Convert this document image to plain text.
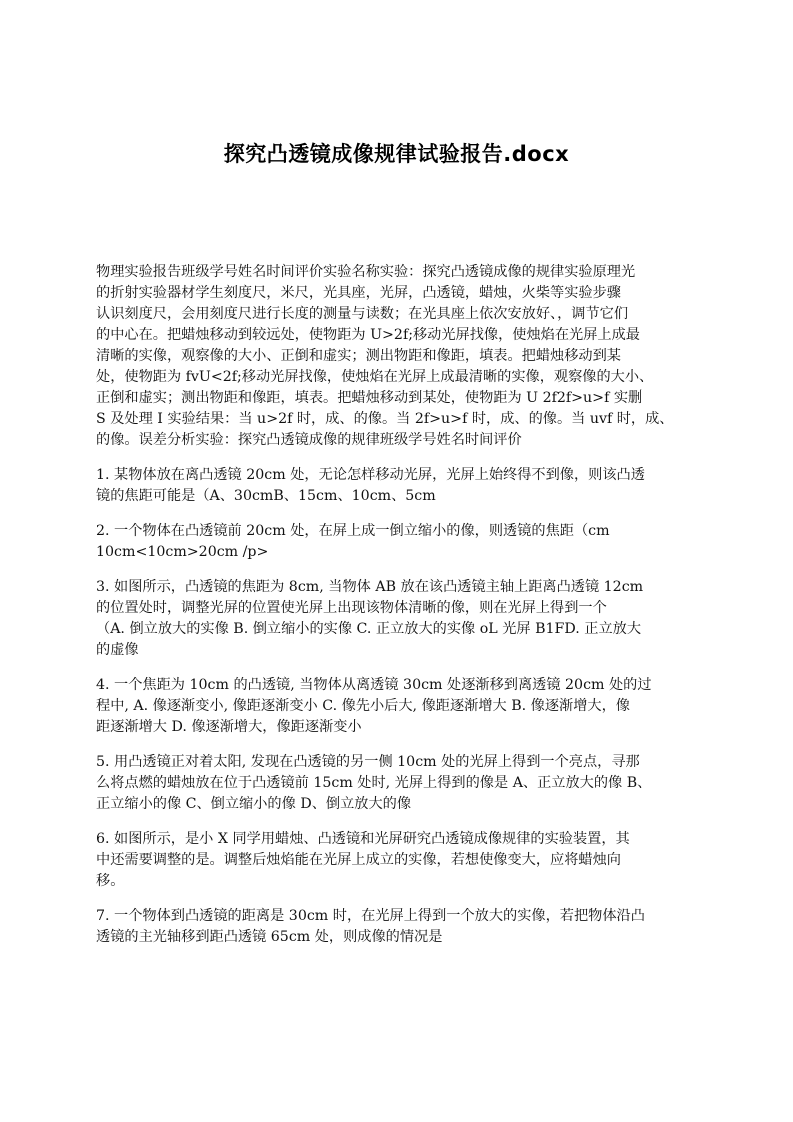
探究凸透镜成像规律试验报告.docx

物理实验报告班级学号姓名时间评价实验名称实验：探究凸透镜成像的规律实验原理光
的折射实验器材学生刻度尺，米尺，光具座，光屏，凸透镜，蜡烛，火柴等实验步骤
认识刻度尺，会用刻度尺进行长度的测量与读数；在光具座上依次安放好、，调节它们
的中心在。把蜡烛移动到较远处，使物距为 U>2f;移动光屏找像，使烛焰在光屏上成最
清晰的实像，观察像的大小、正倒和虚实；测出物距和像距，填表。把蜡烛移动到某
处，使物距为 fvU<2f;移动光屏找像，使烛焰在光屏上成最清晰的实像，观察像的大小、
正倒和虚实；测出物距和像距，填表。把蜡烛移动到某处，使物距为 U 2f2f>u>f 实删
S 及处理 I 实验结果：当 u>2f 时，成、的像。当 2f>u>f 时，成、的像。当 uvf 时，成、
的像。误差分析实验：探究凸透镜成像的规律班级学号姓名时间评价

1. 某物体放在离凸透镜 20cm 处，无论怎样移动光屏，光屏上始终得不到像，则该凸透
镜的焦距可能是（A、30cmB、15cm、10cm、5cm

2. 一个物体在凸透镜前 20cm 处，在屏上成一倒立缩小的像，则透镜的焦距（cm
10cm<10cm>20cm /p>

3. 如图所示，凸透镜的焦距为 8cm, 当物体 AB 放在该凸透镜主轴上距离凸透镜 12cm
的位置处时，调整光屏的位置使光屏上出现该物体清晰的像，则在光屏上得到一个
（A. 倒立放大的实像 B. 倒立缩小的实像 C. 正立放大的实像 oL 光屏 B1FD. 正立放大
的虚像

4. 一个焦距为 10cm 的凸透镜, 当物体从离透镜 30cm 处逐渐移到离透镜 20cm 处的过
程中, A. 像逐渐变小, 像距逐渐变小 C. 像先小后大, 像距逐渐增大 B. 像逐渐增大，像
距逐渐增大 D. 像逐渐增大，像距逐渐变小

5. 用凸透镜正对着太阳, 发现在凸透镜的另一侧 10cm 处的光屏上得到一个亮点，寻那
么将点燃的蜡烛放在位于凸透镜前 15cm 处时, 光屏上得到的像是 A、正立放大的像 B、
正立缩小的像 C、倒立缩小的像 D、倒立放大的像

6. 如图所示，是小 X 同学用蜡烛、凸透镜和光屏研究凸透镜成像规律的实验装置，其
中还需要调整的是。调整后烛焰能在光屏上成立的实像，若想使像变大，应将蜡烛向
移。

7. 一个物体到凸透镜的距离是 30cm 时，在光屏上得到一个放大的实像，若把物体沿凸
透镜的主光轴移到距凸透镜 65cm 处，则成像的情况是
